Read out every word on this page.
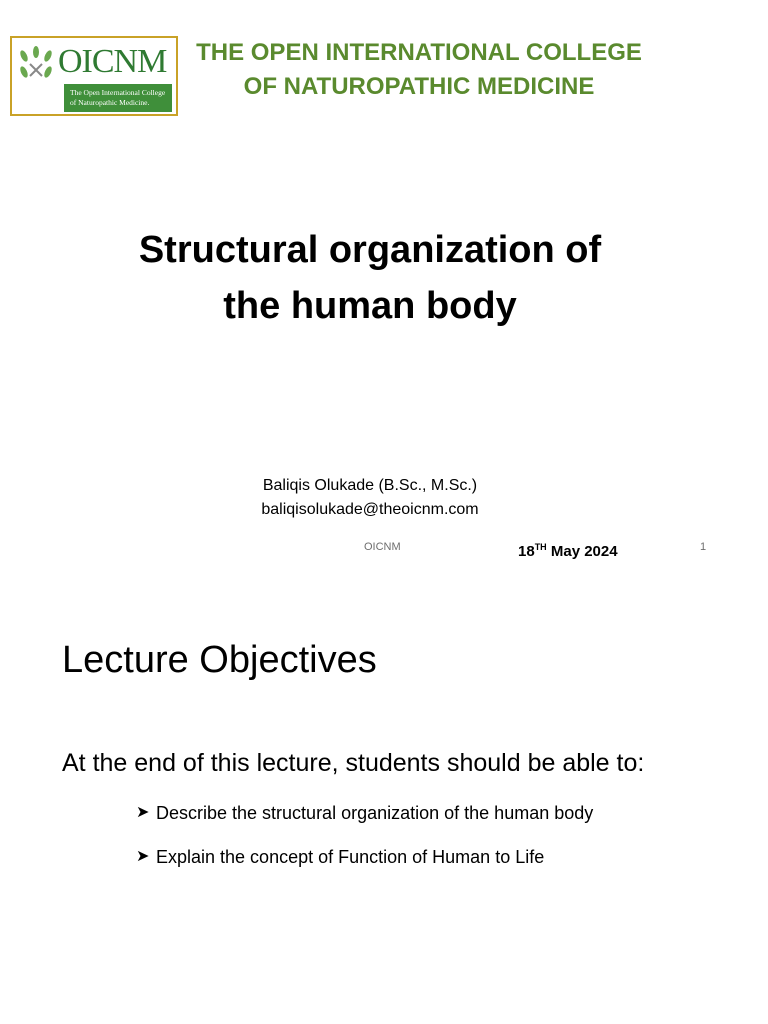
OICNM
The Open International College of Naturopathic Medicine.
THE OPEN INTERNATIONAL COLLEGE
OF NATUROPATHIC MEDICINE
Structural organization of
the human body
Baliqis Olukade (B.Sc., M.Sc.)
baliqisolukade@theoicnm.com
OICNM	18TH May 2024	1
Lecture Objectives
At the end of this lecture, students should be able to:
➤ Describe the structural organization of the human body
➤ Explain the concept of Function of Human to Life
